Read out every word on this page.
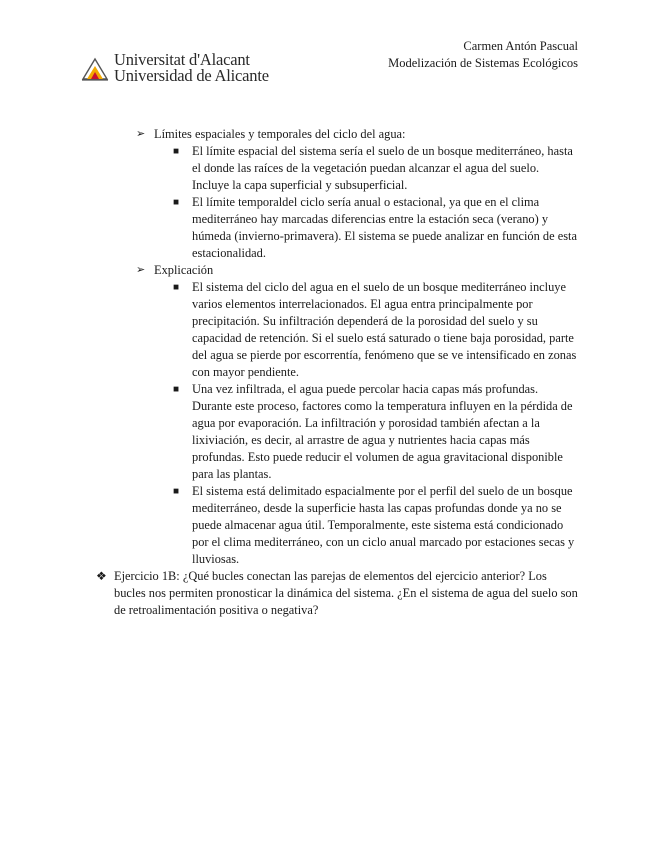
Universitat d'Alacant
Universidad de Alicante
Carmen Antón Pascual
Modelización de Sistemas Ecológicos

➢ Límites espaciales y temporales del ciclo del agua:

■ El límite espacial del sistema sería el suelo de un bosque mediterráneo, hasta el donde las raíces de la vegetación puedan alcanzar el agua del suelo. Incluye la capa superficial y subsuperficial.

■ El límite temporaldel ciclo sería anual o estacional, ya que en el clima mediterráneo hay marcadas diferencias entre la estación seca (verano) y húmeda (invierno-primavera). El sistema se puede analizar en función de esta estacionalidad.

➢ Explicación

■ El sistema del ciclo del agua en el suelo de un bosque mediterráneo incluye varios elementos interrelacionados. El agua entra principalmente por precipitación. Su infiltración dependerá de la porosidad del suelo y su capacidad de retención. Si el suelo está saturado o tiene baja porosidad, parte del agua se pierde por escorrentía, fenómeno que se ve intensificado en zonas con mayor pendiente.

■ Una vez infiltrada, el agua puede percolar hacia capas más profundas. Durante este proceso, factores como la temperatura influyen en la pérdida de agua por evaporación. La infiltración y porosidad también afectan a la lixiviación, es decir, al arrastre de agua y nutrientes hacia capas más profundas. Esto puede reducir el volumen de agua gravitacional disponible para las plantas.

■ El sistema está delimitado espacialmente por el perfil del suelo de un bosque mediterráneo, desde la superficie hasta las capas profundas donde ya no se puede almacenar agua útil. Temporalmente, este sistema está condicionado por el clima mediterráneo, con un ciclo anual marcado por estaciones secas y lluviosas.

❖ Ejercicio 1B: ¿Qué bucles conectan las parejas de elementos del ejercicio anterior? Los bucles nos permiten pronosticar la dinámica del sistema. ¿En el sistema de agua del suelo son de retroalimentación positiva o negativa?
